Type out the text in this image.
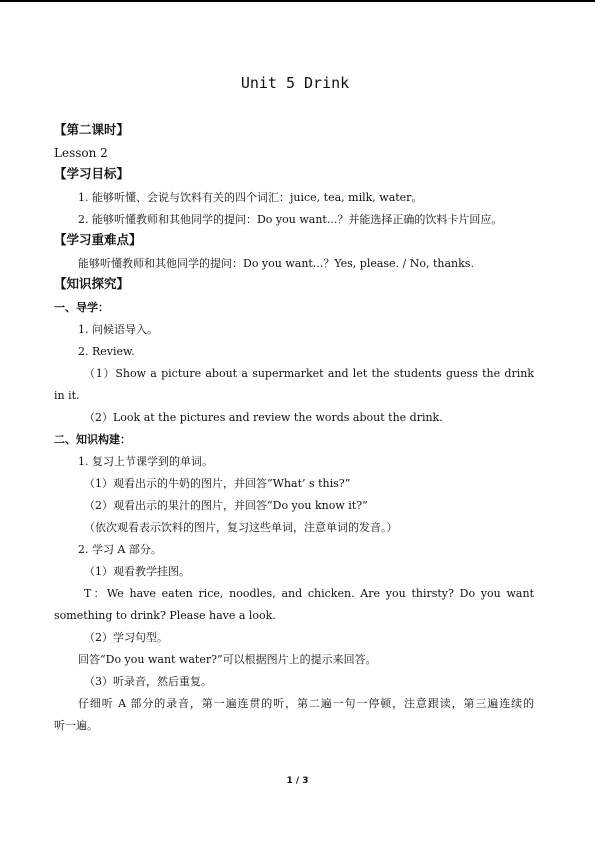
Unit 5 Drink
【第二课时】
Lesson 2
【学习目标】
1. 能够听懂、会说与饮料有关的四个词汇：juice, tea, milk, water。
2. 能够听懂教师和其他同学的提问：Do you want...？并能选择正确的饮料卡片回应。
【学习重难点】
能够听懂教师和其他同学的提问：Do you want...？Yes, please. / No, thanks.
【知识探究】
一、导学：
1. 问候语导入。
2. Review.
（1）Show a picture about a supermarket and let the students guess the drink
in it.
（2）Look at the pictures and review the words about the drink.
二、知识构建：
1. 复习上节课学到的单词。
（1）观看出示的牛奶的图片，并回答“What’ s this?”
（2）观看出示的果汁的图片，并回答“Do you know it?”
（依次观看表示饮料的图片，复习这些单词，注意单词的发音。）
2. 学习 A 部分。
（1）观看教学挂图。
T：We have eaten rice, noodles, and chicken. Are you thirsty? Do you want
something to drink? Please have a look.
（2）学习句型。
回答“Do you want water?”可以根据图片上的提示来回答。
（3）听录音，然后重复。
仔细听 A 部分的录音，第一遍连贯的听，第二遍一句一停顿，注意跟读，第三遍连续的
听一遍。
1 / 3
